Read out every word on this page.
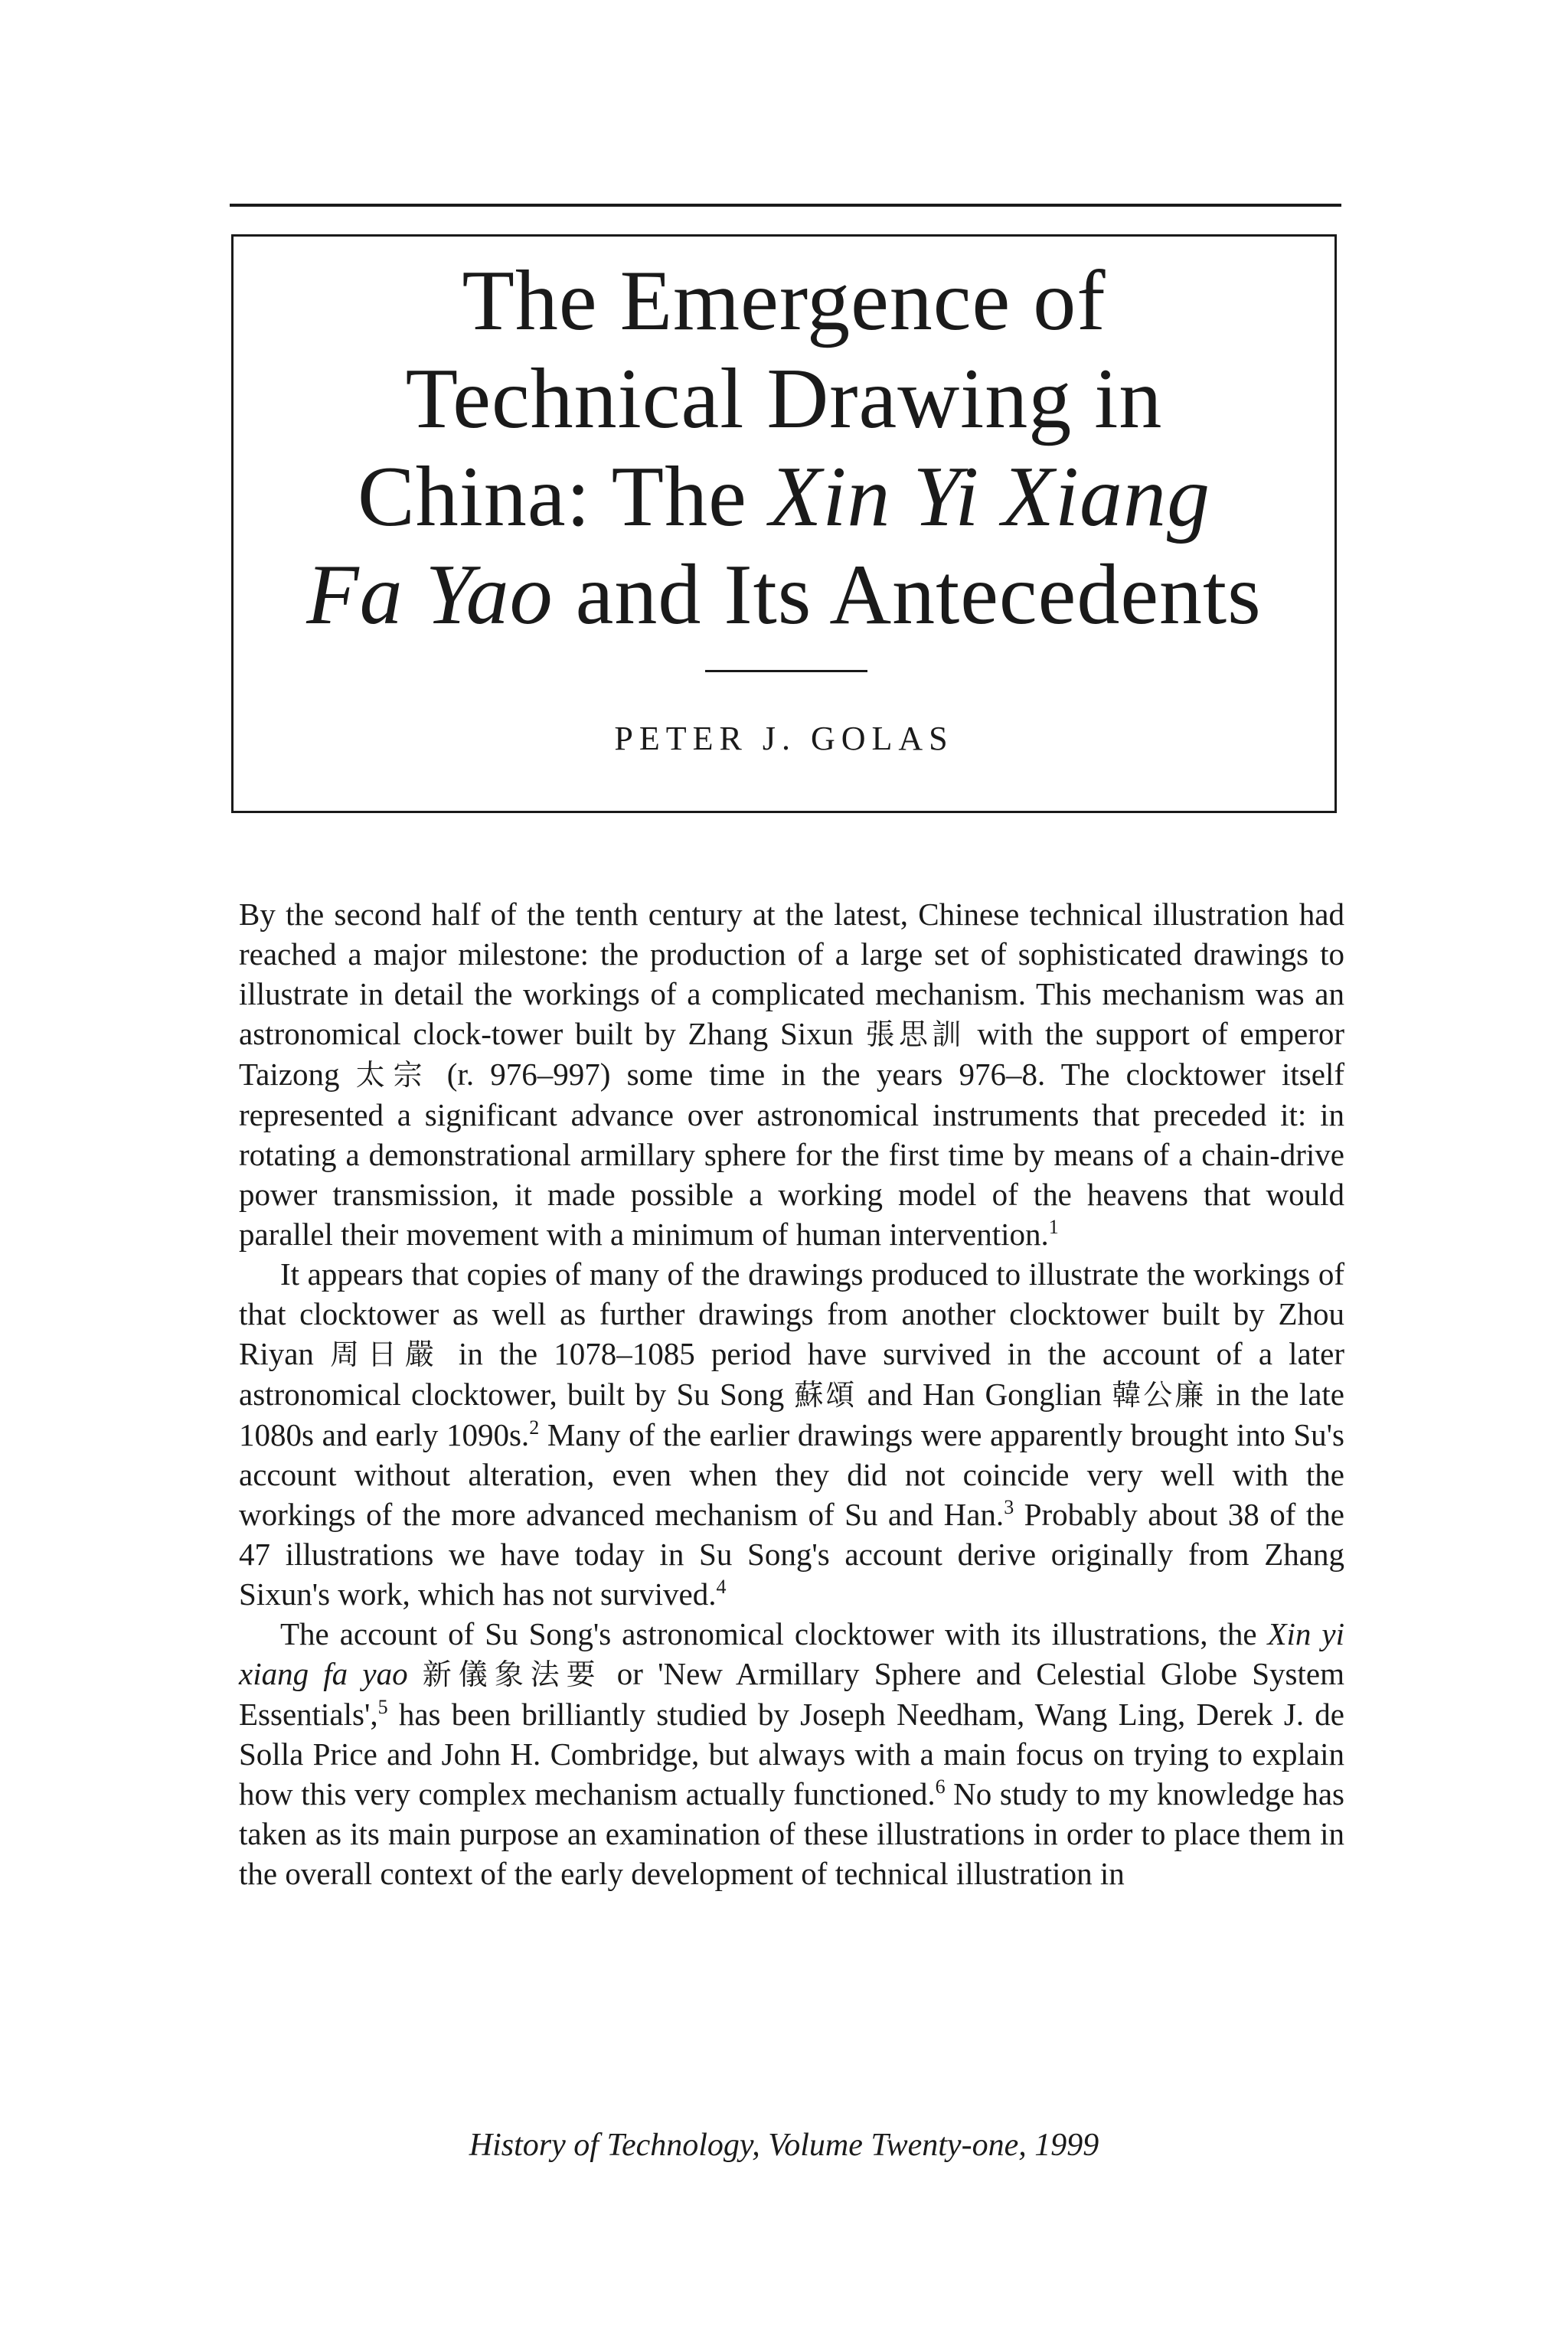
The Emergence of
Technical Drawing in
China: The Xin Yi Xiang
Fa Yao and Its Antecedents
PETER J. GOLAS

By the second half of the tenth century at the latest, Chinese technical illustration had reached a major milestone: the production of a large set of sophisticated drawings to illustrate in detail the workings of a complicated mechanism. This mechanism was an astronomical clock-tower built by Zhang Sixun 張思訓 with the support of emperor Taizong 太宗 (r. 976–997) some time in the years 976–8. The clocktower itself represented a significant advance over astronomical instruments that preceded it: in rotating a demonstrational armillary sphere for the first time by means of a chain-drive power transmission, it made possible a working model of the heavens that would parallel their movement with a minimum of human intervention.$^1$

It appears that copies of many of the drawings produced to illustrate the workings of that clocktower as well as further drawings from another clocktower built by Zhou Riyan 周日嚴 in the 1078–1085 period have survived in the account of a later astronomical clocktower, built by Su Song 蘇頌 and Han Gonglian 韓公廉 in the late 1080s and early 1090s.$^2$ Many of the earlier drawings were apparently brought into Su's account without alteration, even when they did not coincide very well with the workings of the more advanced mechanism of Su and Han.$^3$ Probably about 38 of the 47 illustrations we have today in Su Song's account derive originally from Zhang Sixun's work, which has not survived.$^4$

The account of Su Song's astronomical clocktower with its illustrations, the Xin yi xiang fa yao 新儀象法要 or 'New Armillary Sphere and Celestial Globe System Essentials',$^5$ has been brilliantly studied by Joseph Needham, Wang Ling, Derek J. de Solla Price and John H. Combridge, but always with a main focus on trying to explain how this very complex mechanism actually functioned.$^6$ No study to my knowledge has taken as its main purpose an examination of these illustrations in order to place them in the overall context of the early development of technical illustration in

History of Technology, Volume Twenty-one, 1999
